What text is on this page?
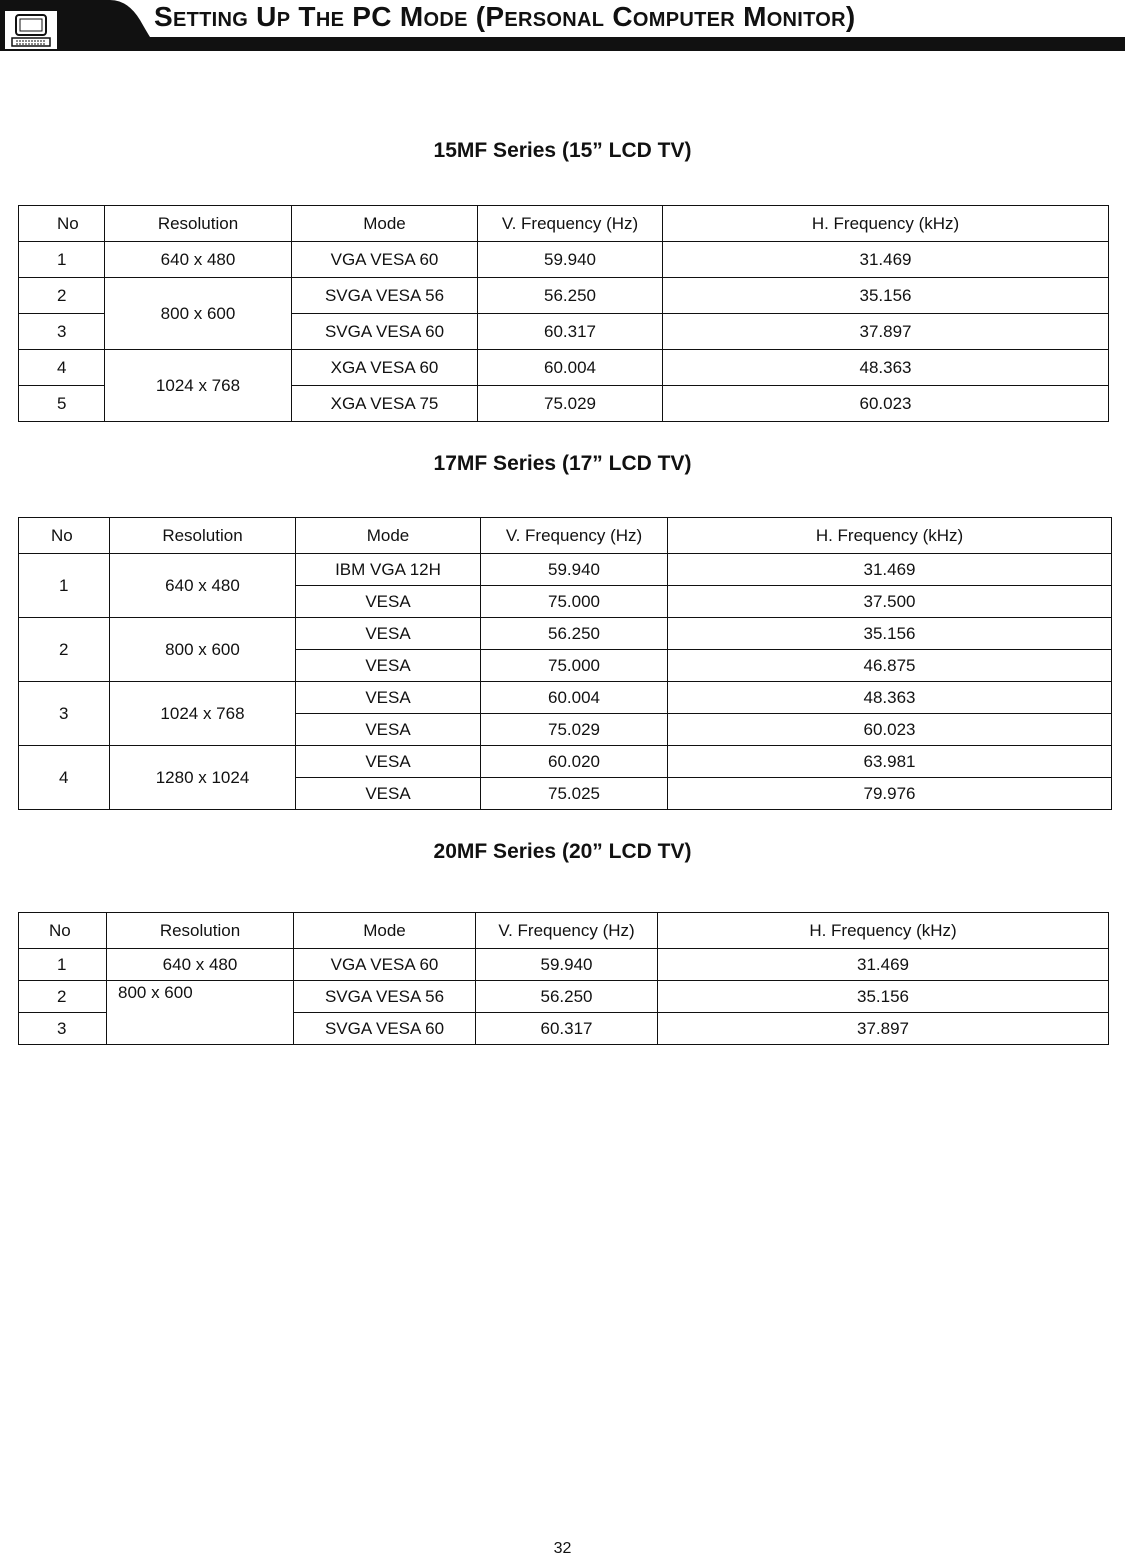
Setting Up The PC Mode (Personal Computer Monitor)
15MF Series (15” LCD TV)
No	Resolution	Mode	V. Frequency (Hz)	H. Frequency (kHz)
1	640 x 480	VGA VESA 60	59.940	31.469
2	800 x 600	SVGA VESA 56	56.250	35.156
3		SVGA VESA 60	60.317	37.897
4	1024 x 768	XGA VESA 60	60.004	48.363
5		XGA VESA 75	75.029	60.023
17MF Series (17” LCD TV)
No	Resolution	Mode	V. Frequency (Hz)	H. Frequency (kHz)
1	640 x 480	IBM VGA 12H	59.940	31.469
		VESA	75.000	37.500
2	800 x 600	VESA	56.250	35.156
		VESA	75.000	46.875
3	1024 x 768	VESA	60.004	48.363
		VESA	75.029	60.023
4	1280 x 1024	VESA	60.020	63.981
		VESA	75.025	79.976
20MF Series (20” LCD TV)
No	Resolution	Mode	V. Frequency (Hz)	H. Frequency (kHz)
1	640 x 480	VGA VESA 60	59.940	31.469
2	800 x 600	SVGA VESA 56	56.250	35.156
3		SVGA VESA 60	60.317	37.897
32
